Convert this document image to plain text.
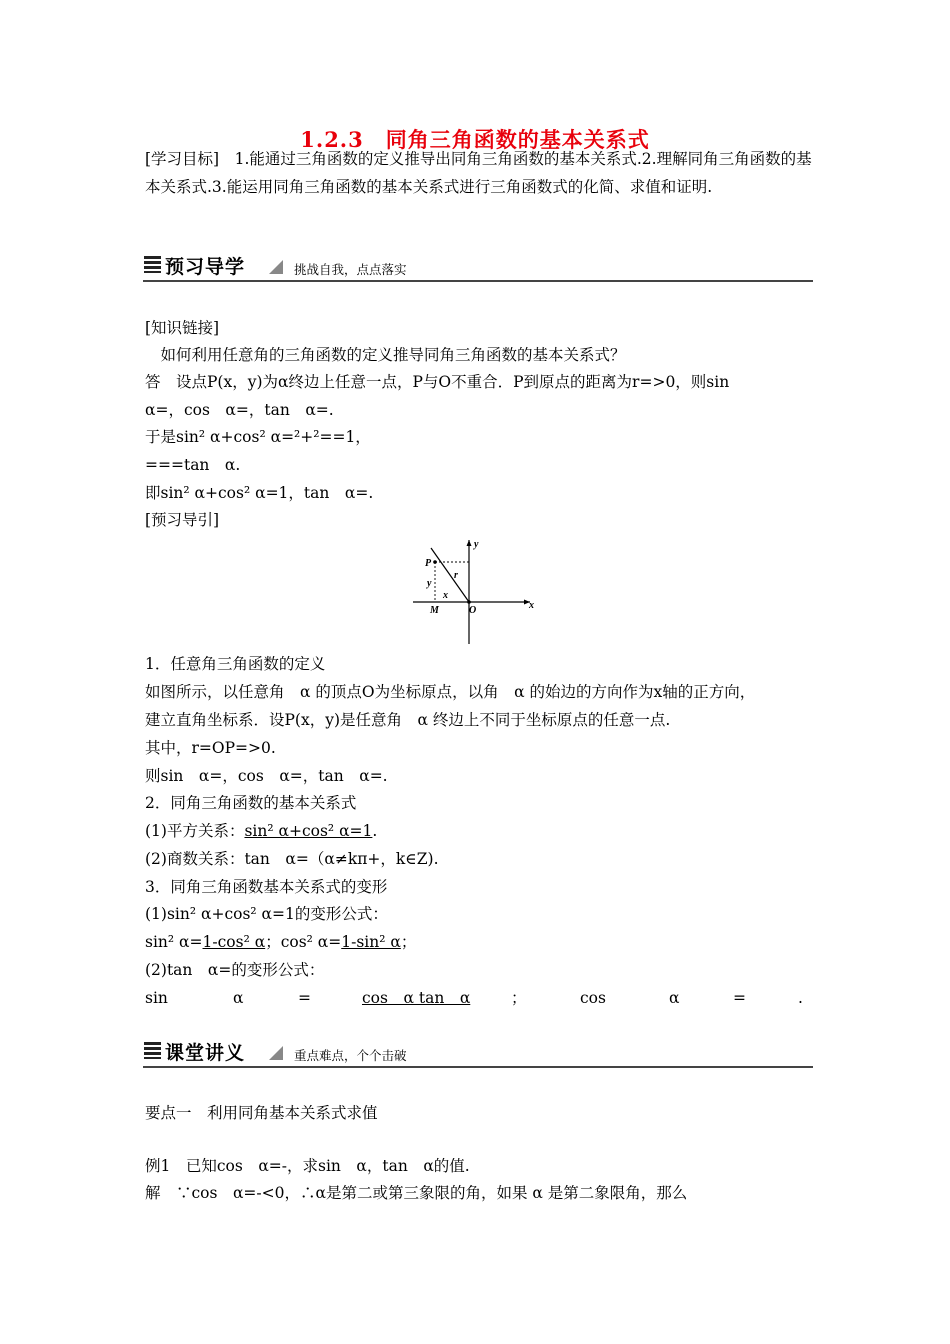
1.2.3　同角三角函数的基本关系式
[学习目标]　1.能通过三角函数的定义推导出同角三角函数的基本关系式.2.理解同角三角函数的基本关系式.3.能运用同角三角函数的基本关系式进行三角函数式的化简、求值和证明.
预习导学	挑战自我，点点落实
[知识链接]
　如何利用任意角的三角函数的定义推导同角三角函数的基本关系式？
答　设点P(x，y)为α终边上任意一点，P与O不重合．P到原点的距离为r=>0，则sin
α=，cos　α=，tan　α=.
于是sin² α+cos² α=²+²==1，
===tan　α.
即sin² α+cos² α=1，tan　α=.
[预习导引]
y
P
r
y
x
M	O	x
1．任意角三角函数的定义
如图所示，以任意角　α 的顶点O为坐标原点，以角　α 的始边的方向作为x轴的正方向，
建立直角坐标系．设P(x，y)是任意角　α 终边上不同于坐标原点的任意一点.
其中，r=OP=>0.
则sin　α=，cos　α=，tan　α=.
2．同角三角函数的基本关系式
(1)平方关系：sin² α+cos² α=1.
(2)商数关系：tan　α=（α≠kπ+，k∈Z).
3．同角三角函数基本关系式的变形
(1)sin² α+cos² α=1的变形公式：
sin² α=1-cos² α；cos² α=1-sin² α；
(2)tan　α=的变形公式：
sin	α	=	cos　α tan　α	；	cos	α	=	.
课堂讲义	重点难点，个个击破
要点一　利用同角基本关系式求值
例1　已知cos　α=-，求sin　α，tan　α的值.
解　∵cos　α=-<0，∴α是第二或第三象限的角，如果 α 是第二象限角，那么
